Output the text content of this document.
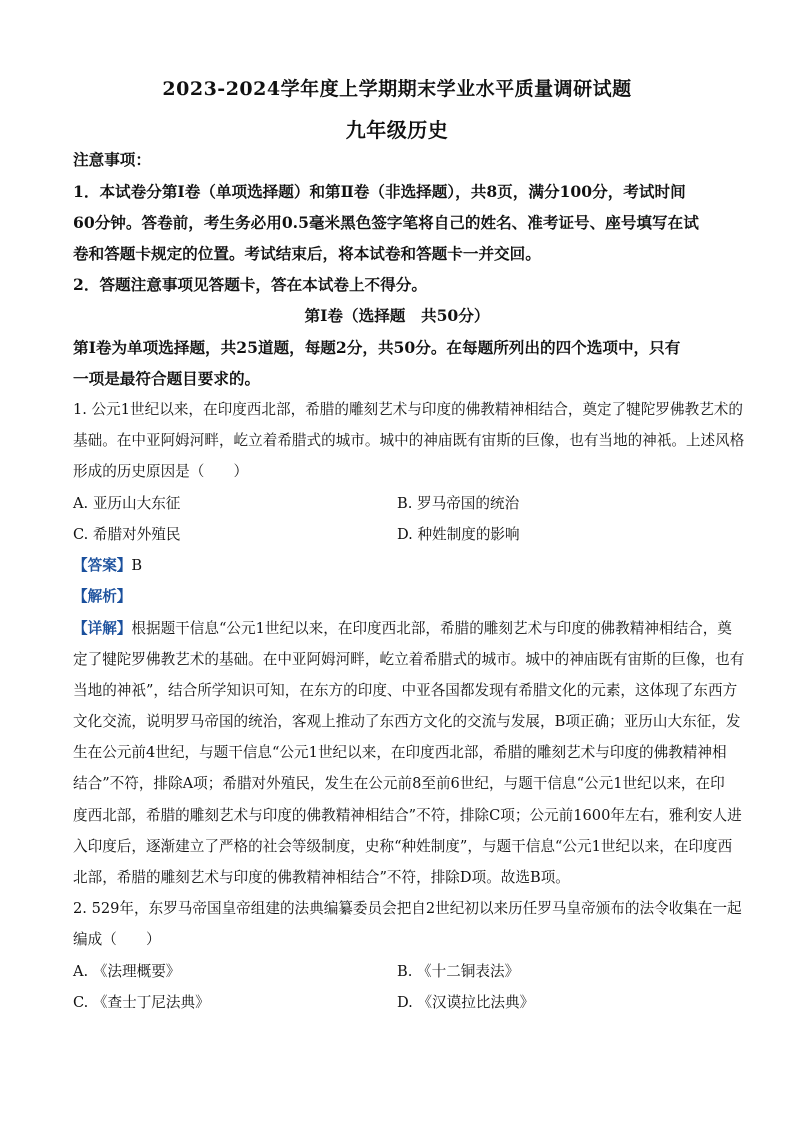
2023-2024学年度上学期期末学业水平质量调研试题
九年级历史
注意事项：
1．本试卷分第Ⅰ卷（单项选择题）和第Ⅱ卷（非选择题），共8页，满分100分，考试时间
60分钟。答卷前，考生务必用0.5毫米黑色签字笔将自己的姓名、准考证号、座号填写在试
卷和答题卡规定的位置。考试结束后，将本试卷和答题卡一并交回。
2．答题注意事项见答题卡，答在本试卷上不得分。
第Ⅰ卷（选择题　共50分）
第Ⅰ卷为单项选择题，共25道题，每题2分，共50分。在每题所列出的四个选项中，只有
一项是最符合题目要求的。
1. 公元1世纪以来，在印度西北部，希腊的雕刻艺术与印度的佛教精神相结合，奠定了犍陀罗佛教艺术的
基础。在中亚阿姆河畔，屹立着希腊式的城市。城中的神庙既有宙斯的巨像，也有当地的神祇。上述风格
形成的历史原因是（　　）
A. 亚历山大东征	B. 罗马帝国的统治
C. 希腊对外殖民	D. 种姓制度的影响
【答案】B
【解析】
【详解】根据题干信息“公元1世纪以来，在印度西北部，希腊的雕刻艺术与印度的佛教精神相结合，奠
定了犍陀罗佛教艺术的基础。在中亚阿姆河畔，屹立着希腊式的城市。城中的神庙既有宙斯的巨像，也有
当地的神祇”，结合所学知识可知，在东方的印度、中亚各国都发现有希腊文化的元素，这体现了东西方
文化交流，说明罗马帝国的统治，客观上推动了东西方文化的交流与发展，B项正确；亚历山大东征，发
生在公元前4世纪，与题干信息“公元1世纪以来，在印度西北部，希腊的雕刻艺术与印度的佛教精神相
结合”不符，排除A项；希腊对外殖民，发生在公元前8至前6世纪，与题干信息“公元1世纪以来，在印
度西北部，希腊的雕刻艺术与印度的佛教精神相结合”不符，排除C项；公元前1600年左右，雅利安人进
入印度后，逐渐建立了严格的社会等级制度，史称“种姓制度”，与题干信息“公元1世纪以来，在印度西
北部，希腊的雕刻艺术与印度的佛教精神相结合”不符，排除D项。故选B项。
2. 529年，东罗马帝国皇帝组建的法典编纂委员会把自2世纪初以来历任罗马皇帝颁布的法令收集在一起
编成（　　）
A. 《法理概要》	B. 《十二铜表法》
C. 《查士丁尼法典》	D. 《汉谟拉比法典》
